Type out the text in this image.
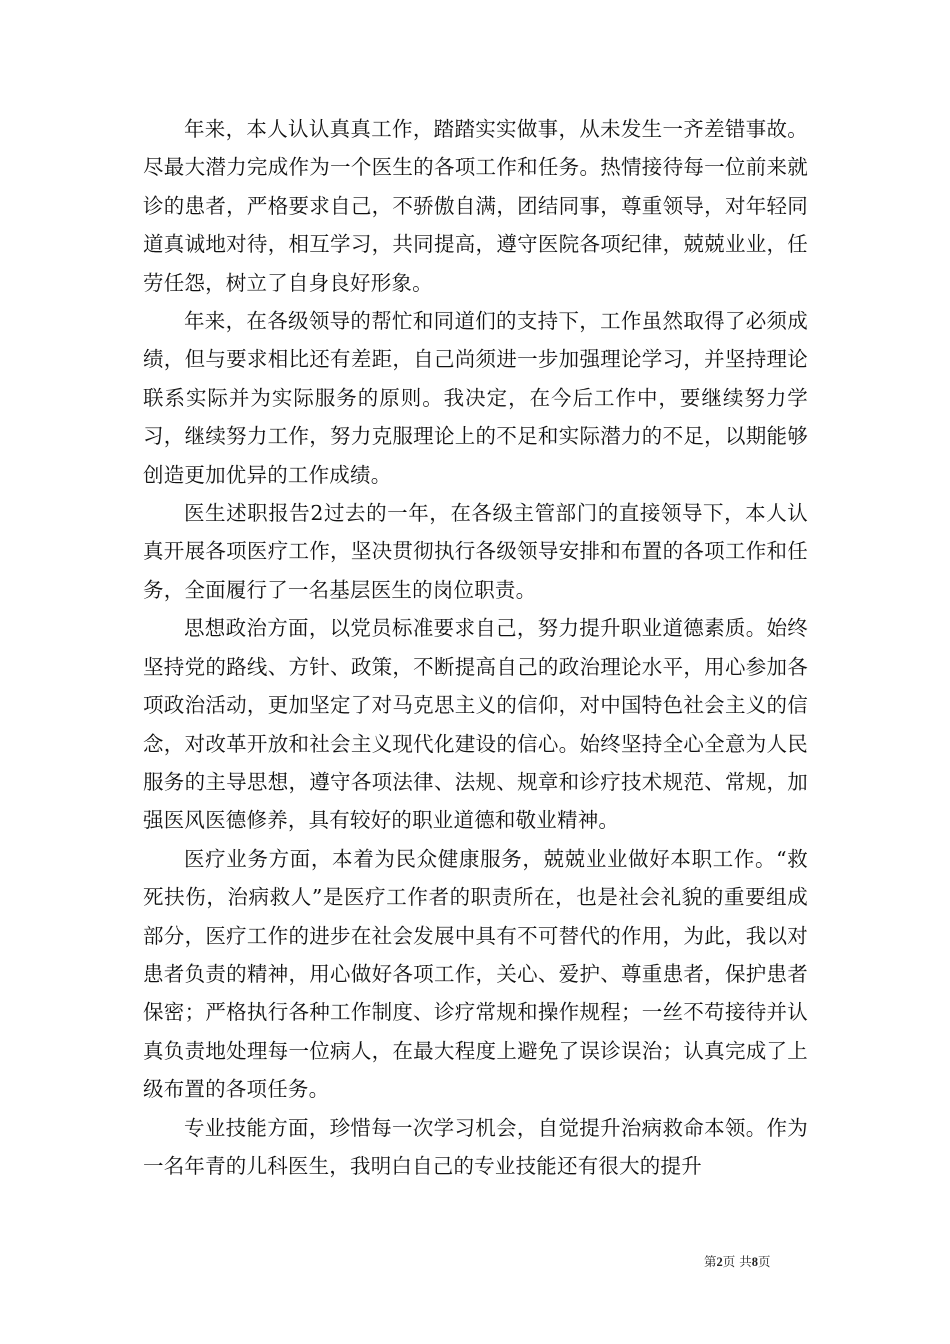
年来，本人认认真真工作，踏踏实实做事，从未发生一齐差错事故。尽最大潜力完成作为一个医生的各项工作和任务。热情接待每一位前来就诊的患者，严格要求自己，不骄傲自满，团结同事，尊重领导，对年轻同道真诚地对待，相互学习，共同提高，遵守医院各项纪律，兢兢业业，任劳任怨，树立了自身良好形象。

年来，在各级领导的帮忙和同道们的支持下，工作虽然取得了必须成绩，但与要求相比还有差距，自己尚须进一步加强理论学习，并坚持理论联系实际并为实际服务的原则。我决定，在今后工作中，要继续努力学习，继续努力工作，努力克服理论上的不足和实际潜力的不足，以期能够创造更加优异的工作成绩。

医生述职报告2过去的一年，在各级主管部门的直接领导下，本人认真开展各项医疗工作，坚决贯彻执行各级领导安排和布置的各项工作和任务，全面履行了一名基层医生的岗位职责。

思想政治方面，以党员标准要求自己，努力提升职业道德素质。始终坚持党的路线、方针、政策，不断提高自己的政治理论水平，用心参加各项政治活动，更加坚定了对马克思主义的信仰，对中国特色社会主义的信念，对改革开放和社会主义现代化建设的信心。始终坚持全心全意为人民服务的主导思想，遵守各项法律、法规、规章和诊疗技术规范、常规，加强医风医德修养，具有较好的职业道德和敬业精神。

医疗业务方面，本着为民众健康服务，兢兢业业做好本职工作。“救死扶伤，治病救人”是医疗工作者的职责所在，也是社会礼貌的重要组成部分，医疗工作的进步在社会发展中具有不可替代的作用，为此，我以对患者负责的精神，用心做好各项工作，关心、爱护、尊重患者，保护患者保密；严格执行各种工作制度、诊疗常规和操作规程；一丝不苟接待并认真负责地处理每一位病人，在最大程度上避免了误诊误治；认真完成了上级布置的各项任务。

专业技能方面，珍惜每一次学习机会，自觉提升治病救命本领。作为一名年青的儿科医生，我明白自己的专业技能还有很大的提升

第2页 共8页
